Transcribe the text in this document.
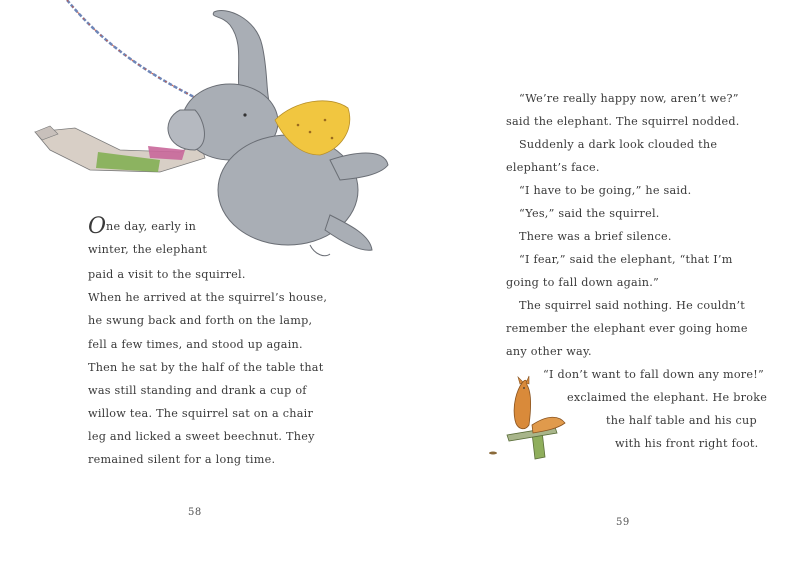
One day, early in
winter, the elephant
paid a visit to the squirrel.
When he arrived at the squirrel’s house,
he swung back and forth on the lamp,
fell a few times, and stood up again.
Then he sat by the half of the table that
was still standing and drank a cup of
willow tea. The squirrel sat on a chair
leg and licked a sweet beechnut. They
remained silent for a long time.
58
“We’re really happy now, aren’t we?”
said the elephant. The squirrel nodded.
Suddenly a dark look clouded the
elephant’s face.
“I have to be going,” he said.
“Yes,” said the squirrel.
There was a brief silence.
“I fear,” said the elephant, “that I’m
going to fall down again.”
The squirrel said nothing. He couldn’t
remember the elephant ever going home
any other way.
“I don’t want to fall down any more!”
exclaimed the elephant. He broke
the half table and his cup
with his front right foot.
59
